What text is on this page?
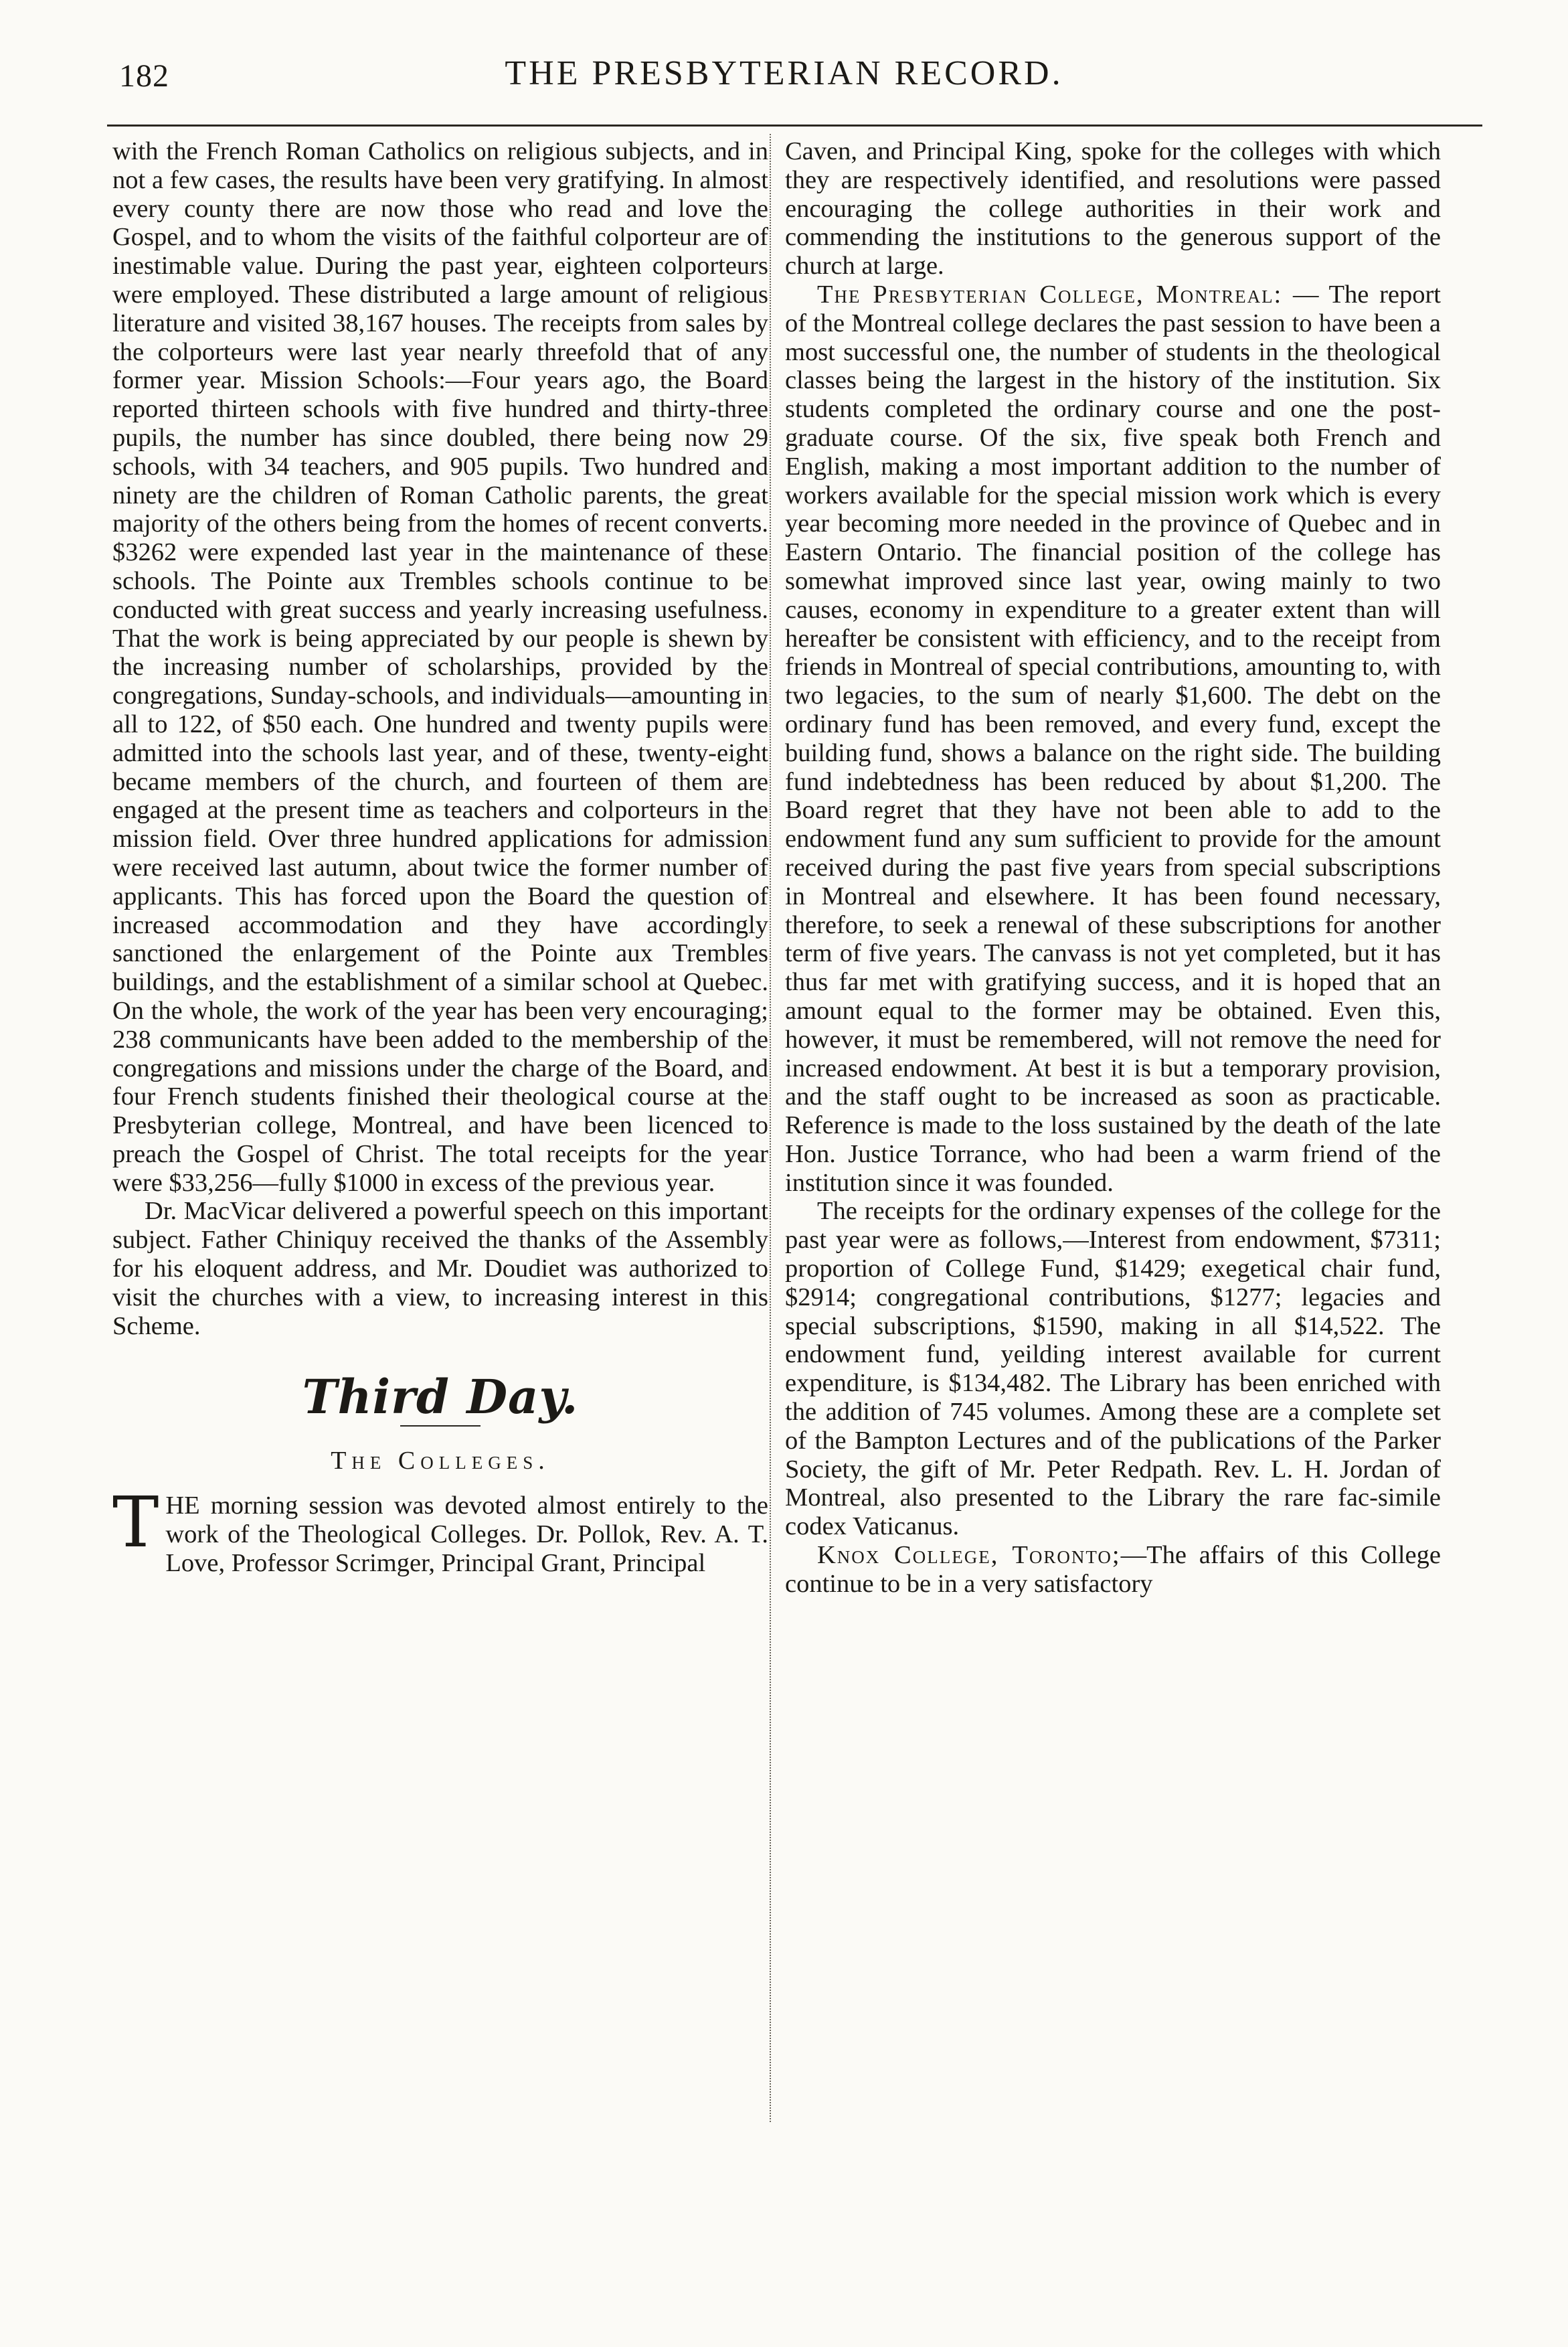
182	THE PRESBYTERIAN RECORD.

with the French Roman Catholics on religious subjects, and in not a few cases, the results have been very gratifying. In almost every county there are now those who read and love the Gospel, and to whom the visits of the faithful colporteur are of inestimable value. During the past year, eighteen colporteurs were employed. These distributed a large amount of religious literature and visited 38,167 houses. The receipts from sales by the colporteurs were last year nearly threefold that of any former year. Mission Schools:—Four years ago, the Board reported thirteen schools with five hundred and thirty-three pupils, the number has since doubled, there being now 29 schools, with 34 teachers, and 905 pupils. Two hundred and ninety are the children of Roman Catholic parents, the great majority of the others being from the homes of recent converts. $3262 were expended last year in the maintenance of these schools. The Pointe aux Trembles schools continue to be conducted with great success and yearly increasing usefulness. That the work is being appreciated by our people is shewn by the increasing number of scholarships, provided by the congregations, Sunday-schools, and individuals—amounting in all to 122, of $50 each. One hundred and twenty pupils were admitted into the schools last year, and of these, twenty-eight became members of the church, and fourteen of them are engaged at the present time as teachers and colporteurs in the mission field. Over three hundred applications for admission were received last autumn, about twice the former number of applicants. This has forced upon the Board the question of increased accommodation and they have accordingly sanctioned the enlargement of the Pointe aux Trembles buildings, and the establishment of a similar school at Quebec. On the whole, the work of the year has been very encouraging; 238 communicants have been added to the membership of the congregations and missions under the charge of the Board, and four French students finished their theological course at the Presbyterian college, Montreal, and have been licenced to preach the Gospel of Christ. The total receipts for the year were $33,256—fully $1000 in excess of the previous year.

Dr. MacVicar delivered a powerful speech on this important subject. Father Chiniquy received the thanks of the Assembly for his eloquent address, and Mr. Doudiet was authorized to visit the churches with a view, to increasing interest in this Scheme.

Third Day.
The Colleges.

THE morning session was devoted almost entirely to the work of the Theological Colleges. Dr. Pollok, Rev. A. T. Love, Professor Scrimger, Principal Grant, Principal

Caven, and Principal King, spoke for the colleges with which they are respectively identified, and resolutions were passed encouraging the college authorities in their work and commending the institutions to the generous support of the church at large.

The Presbyterian College, Montreal: — The report of the Montreal college declares the past session to have been a most successful one, the number of students in the theological classes being the largest in the history of the institution. Six students completed the ordinary course and one the post-graduate course. Of the six, five speak both French and English, making a most important addition to the number of workers available for the special mission work which is every year becoming more needed in the province of Quebec and in Eastern Ontario. The financial position of the college has somewhat improved since last year, owing mainly to two causes, economy in expenditure to a greater extent than will hereafter be consistent with efficiency, and to the receipt from friends in Montreal of special contributions, amounting to, with two legacies, to the sum of nearly $1,600. The debt on the ordinary fund has been removed, and every fund, except the building fund, shows a balance on the right side. The building fund indebtedness has been reduced by about $1,200. The Board regret that they have not been able to add to the endowment fund any sum sufficient to provide for the amount received during the past five years from special subscriptions in Montreal and elsewhere. It has been found necessary, therefore, to seek a renewal of these subscriptions for another term of five years. The canvass is not yet completed, but it has thus far met with gratifying success, and it is hoped that an amount equal to the former may be obtained. Even this, however, it must be remembered, will not remove the need for increased endowment. At best it is but a temporary provision, and the staff ought to be increased as soon as practicable. Reference is made to the loss sustained by the death of the late Hon. Justice Torrance, who had been a warm friend of the institution since it was founded.

The receipts for the ordinary expenses of the college for the past year were as follows,—Interest from endowment, $7311; proportion of College Fund, $1429; exegetical chair fund, $2914; congregational contributions, $1277; legacies and special subscriptions, $1590, making in all $14,522. The endowment fund, yeilding interest available for current expenditure, is $134,482. The Library has been enriched with the addition of 745 volumes. Among these are a complete set of the Bampton Lectures and of the publications of the Parker Society, the gift of Mr. Peter Redpath. Rev. L. H. Jordan of Montreal, also presented to the Library the rare fac-simile codex Vaticanus.

Knox College, Toronto;—The affairs of this College continue to be in a very satisfactory
